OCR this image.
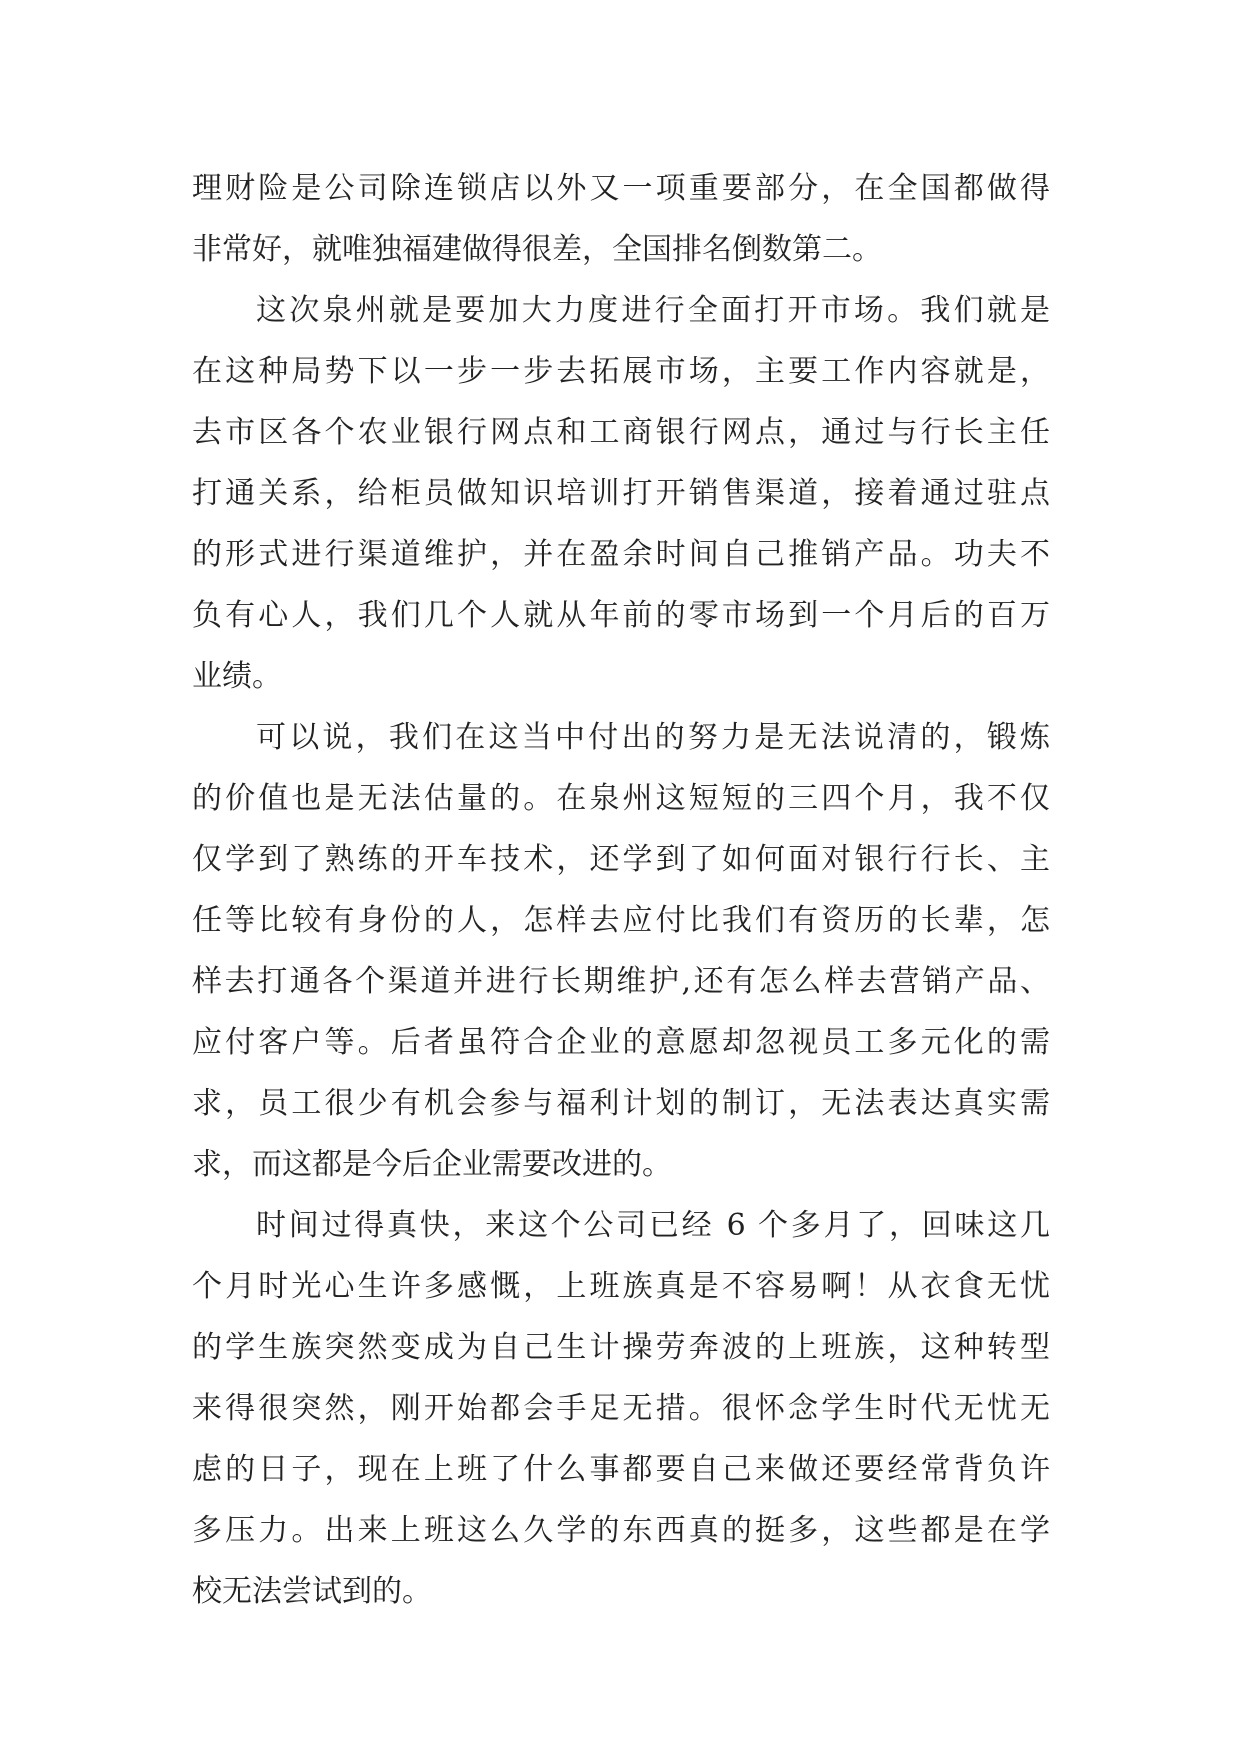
理财险是公司除连锁店以外又一项重要部分，在全国都做得
非常好，就唯独福建做得很差，全国排名倒数第二。
这次泉州就是要加大力度进行全面打开市场。我们就是
在这种局势下以一步一步去拓展市场，主要工作内容就是，
去市区各个农业银行网点和工商银行网点，通过与行长主任
打通关系，给柜员做知识培训打开销售渠道，接着通过驻点
的形式进行渠道维护，并在盈余时间自己推销产品。功夫不
负有心人，我们几个人就从年前的零市场到一个月后的百万
业绩。
可以说，我们在这当中付出的努力是无法说清的，锻炼
的价值也是无法估量的。在泉州这短短的三四个月，我不仅
仅学到了熟练的开车技术，还学到了如何面对银行行长、主
任等比较有身份的人，怎样去应付比我们有资历的长辈，怎
样去打通各个渠道并进行长期维护,还有怎么样去营销产品、
应付客户等。后者虽符合企业的意愿却忽视员工多元化的需
求，员工很少有机会参与福利计划的制订，无法表达真实需
求，而这都是今后企业需要改进的。
时间过得真快，来这个公司已经 6 个多月了，回味这几
个月时光心生许多感慨，上班族真是不容易啊！从衣食无忧
的学生族突然变成为自己生计操劳奔波的上班族，这种转型
来得很突然，刚开始都会手足无措。很怀念学生时代无忧无
虑的日子，现在上班了什么事都要自己来做还要经常背负许
多压力。出来上班这么久学的东西真的挺多，这些都是在学
校无法尝试到的。
